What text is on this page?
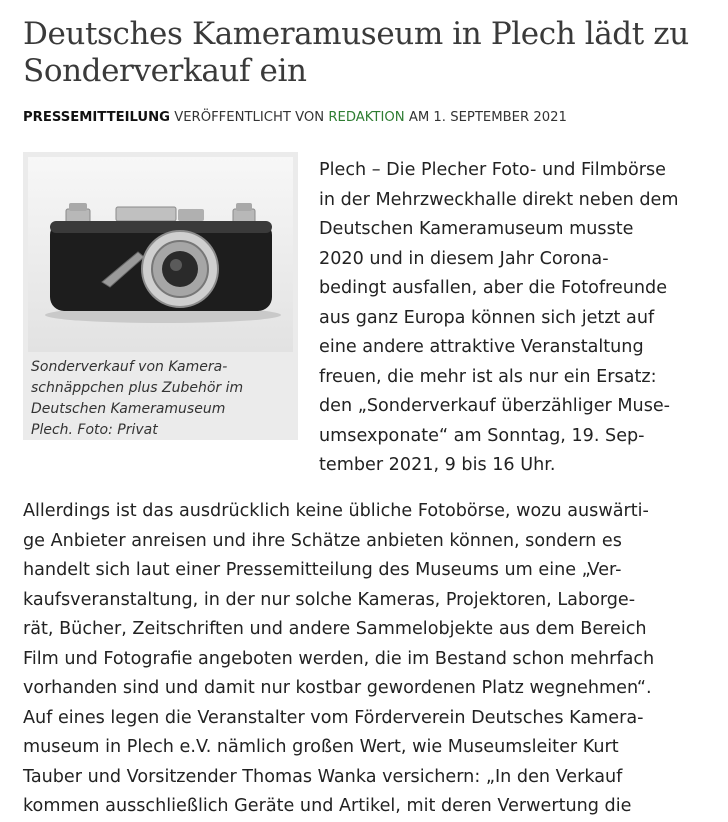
Deutsches Kameramuseum in Plech lädt zu Sonderverkauf ein
PRESSEMITTEILUNG VERÖFFENTLICHT VON REDAKTION AM 1. SEPTEMBER 2021

Sonderverkauf von Kamera-
schnäppchen plus Zubehör im
Deutschen Kameramuseum
Plech. Foto: Privat

Plech – Die Plecher Foto- und Filmbörse
in der Mehrzweckhalle direkt neben dem
Deutschen Kameramuseum musste
2020 und in diesem Jahr Corona-
bedingt ausfallen, aber die Fotofreunde
aus ganz Europa können sich jetzt auf
eine andere attraktive Veranstaltung
freuen, die mehr ist als nur ein Ersatz:
den „Sonderverkauf überzähliger Muse-
umsexponate“ am Sonntag, 19. Sep-
tember 2021, 9 bis 16 Uhr.

Allerdings ist das ausdrücklich keine übliche Fotobörse, wozu auswärti-
ge Anbieter anreisen und ihre Schätze anbieten können, sondern es
handelt sich laut einer Pressemitteilung des Museums um eine „Ver-
kaufsveranstaltung, in der nur solche Kameras, Projektoren, Laborge-
rät, Bücher, Zeitschriften und andere Sammelobjekte aus dem Bereich
Film und Fotografie angeboten werden, die im Bestand schon mehrfach
vorhanden sind und damit nur kostbar gewordenen Platz wegnehmen“.
Auf eines legen die Veranstalter vom Förderverein Deutsches Kamera-
museum in Plech e.V. nämlich großen Wert, wie Museumsleiter Kurt
Tauber und Vorsitzender Thomas Wanka versichern: „In den Verkauf
kommen ausschließlich Geräte und Artikel, mit deren Verwertung die
